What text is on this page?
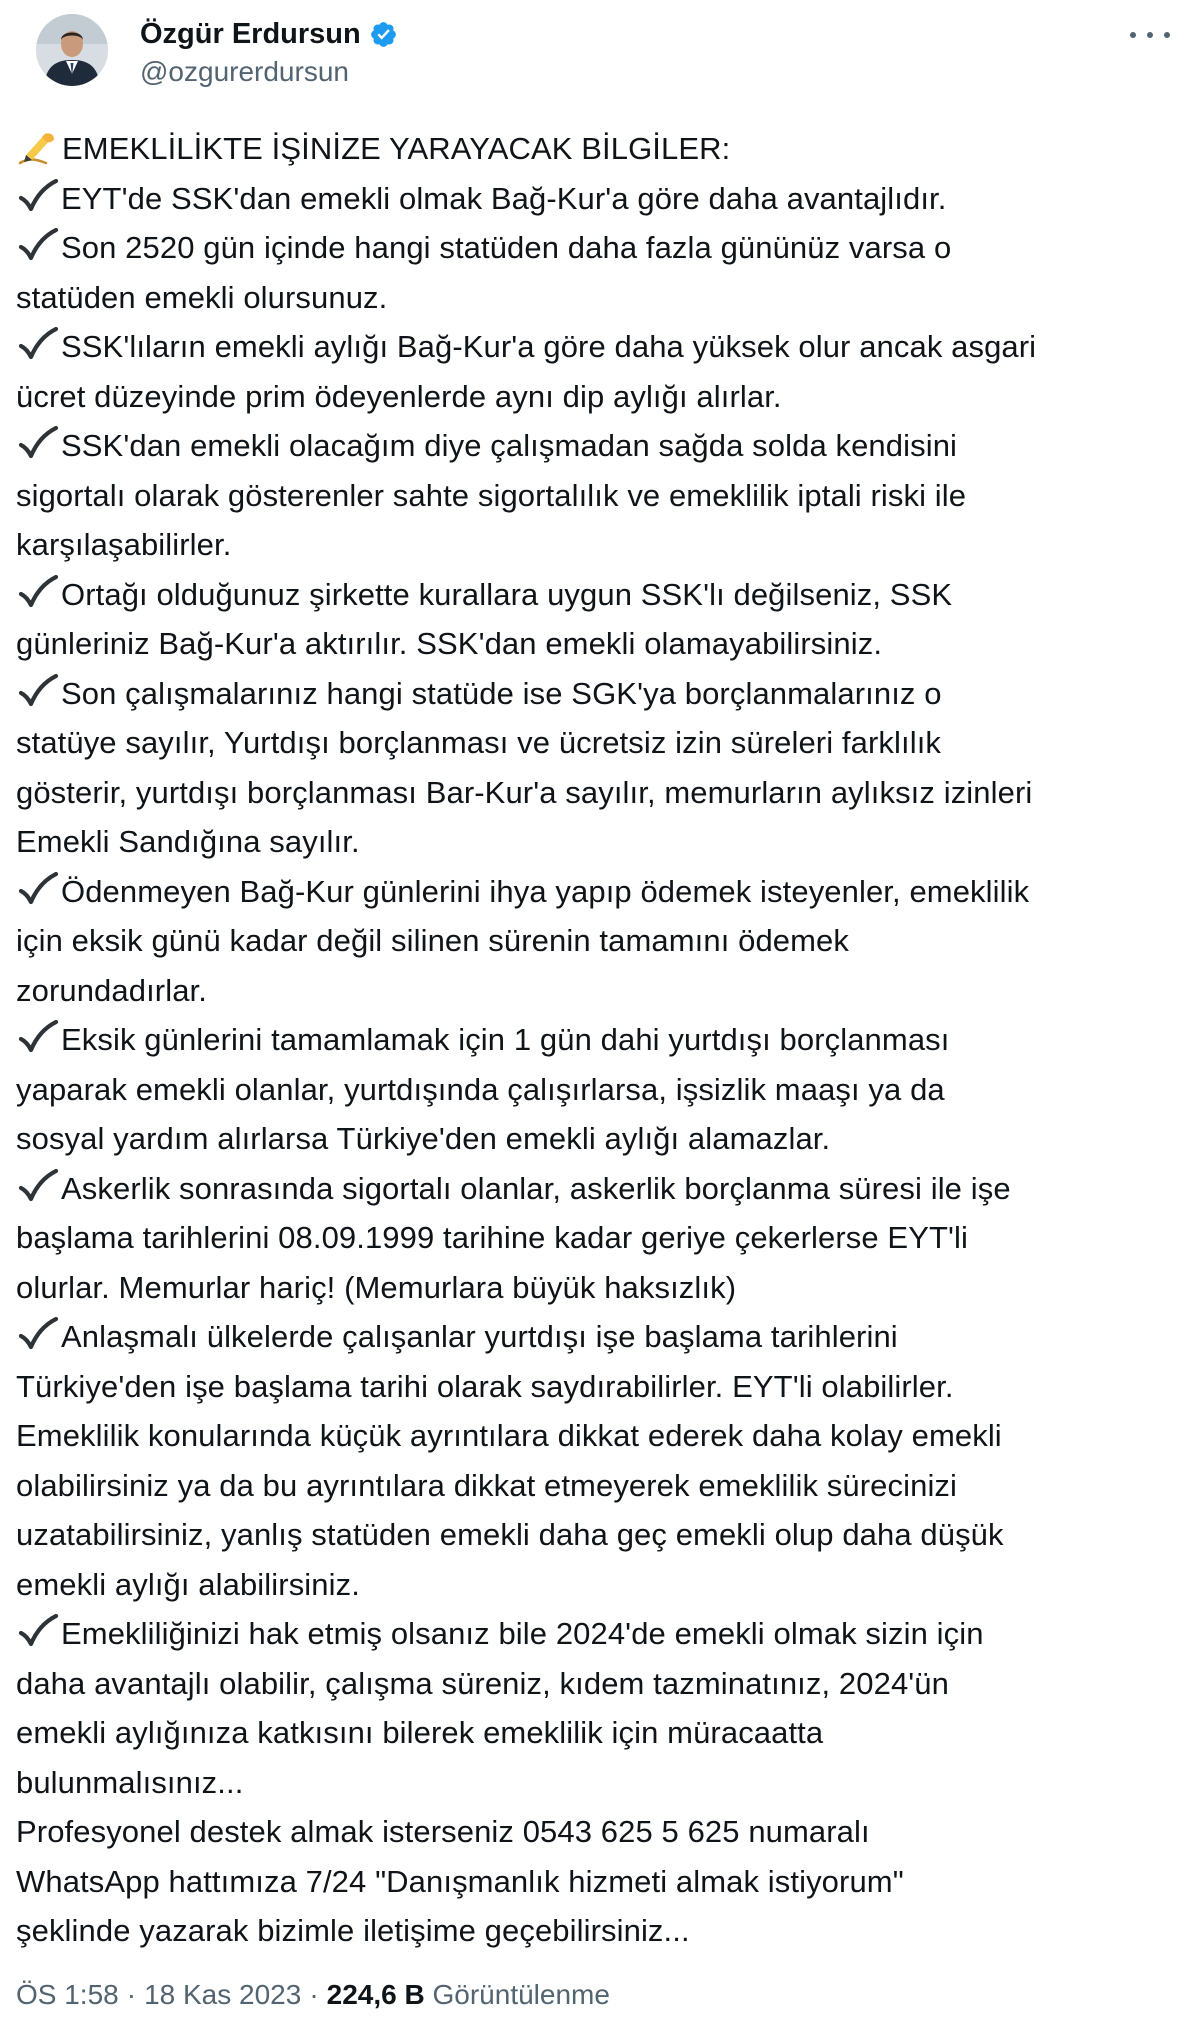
Özgür Erdursun
@ozgurerdursun
EMEKLİLİKTE İŞİNİZE YARAYACAK BİLGİLER:
EYT'de SSK'dan emekli olmak Bağ-Kur'a göre daha avantajlıdır.
Son 2520 gün içinde hangi statüden daha fazla gününüz varsa o
statüden emekli olursunuz.
SSK'lıların emekli aylığı Bağ-Kur'a göre daha yüksek olur ancak asgari
ücret düzeyinde prim ödeyenlerde aynı dip aylığı alırlar.
SSK'dan emekli olacağım diye çalışmadan sağda solda kendisini
sigortalı olarak gösterenler sahte sigortalılık ve emeklilik iptali riski ile
karşılaşabilirler.
Ortağı olduğunuz şirkette kurallara uygun SSK'lı değilseniz, SSK
günleriniz Bağ-Kur'a aktırılır. SSK'dan emekli olamayabilirsiniz.
Son çalışmalarınız hangi statüde ise SGK'ya borçlanmalarınız o
statüye sayılır, Yurtdışı borçlanması ve ücretsiz izin süreleri farklılık
gösterir, yurtdışı borçlanması Bar-Kur'a sayılır, memurların aylıksız izinleri
Emekli Sandığına sayılır.
Ödenmeyen Bağ-Kur günlerini ihya yapıp ödemek isteyenler, emeklilik
için eksik günü kadar değil silinen sürenin tamamını ödemek
zorundadırlar.
Eksik günlerini tamamlamak için 1 gün dahi yurtdışı borçlanması
yaparak emekli olanlar, yurtdışında çalışırlarsa, işsizlik maaşı ya da
sosyal yardım alırlarsa Türkiye'den emekli aylığı alamazlar.
Askerlik sonrasında sigortalı olanlar, askerlik borçlanma süresi ile işe
başlama tarihlerini 08.09.1999 tarihine kadar geriye çekerlerse EYT'li
olurlar. Memurlar hariç! (Memurlara büyük haksızlık)
Anlaşmalı ülkelerde çalışanlar yurtdışı işe başlama tarihlerini
Türkiye'den işe başlama tarihi olarak saydırabilirler. EYT'li olabilirler.
Emeklilik konularında küçük ayrıntılara dikkat ederek daha kolay emekli
olabilirsiniz ya da bu ayrıntılara dikkat etmeyerek emeklilik sürecinizi
uzatabilirsiniz, yanlış statüden emekli daha geç emekli olup daha düşük
emekli aylığı alabilirsiniz.
Emekliliğinizi hak etmiş olsanız bile 2024'de emekli olmak sizin için
daha avantajlı olabilir, çalışma süreniz, kıdem tazminatınız, 2024'ün
emekli aylığınıza katkısını bilerek emeklilik için müracaatta
bulunmalısınız...
Profesyonel destek almak isterseniz 0543 625 5 625 numaralı
WhatsApp hattımıza 7/24 "Danışmanlık hizmeti almak istiyorum"
şeklinde yazarak bizimle iletişime geçebilirsiniz...
ÖS 1:58 · 18 Kas 2023 · 224,6 B Görüntülenme
